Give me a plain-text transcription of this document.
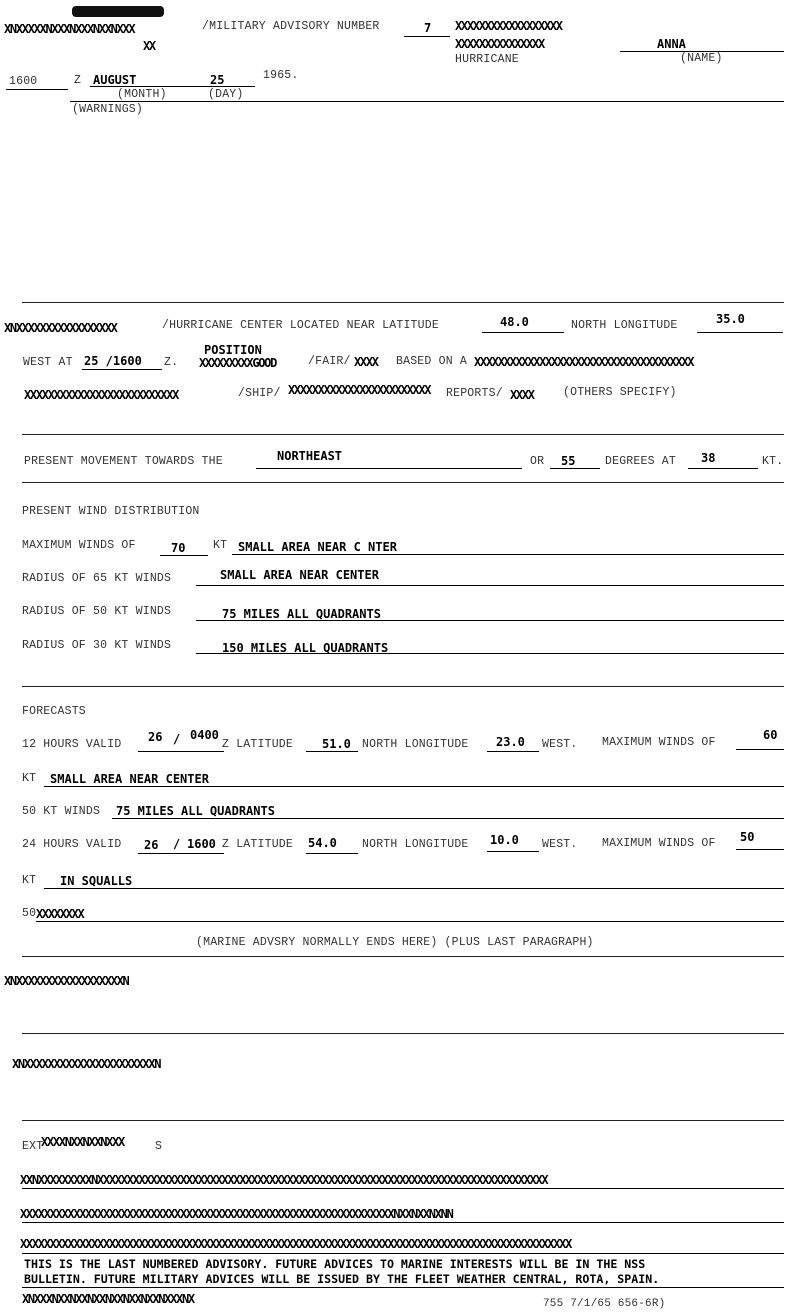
XNXXXXXNXXXNXXXNXXNXXX	/MILITARY ADVISORY NUMBER	7 XXXXXXXXXXXXXXXXXX
XX	XXXXXXXXXXXXXXX	ANNA
HURRICANE	(NAME)
1600	Z AUGUST	25	1965.
(MONTH)	(DAY)
(WARNINGS)
XNXXXXXXXXXXXXXXXXX	/HURRICANE CENTER LOCATED NEAR LATITUDE	48.0	NORTH LONGITUDE	35.0
WEST AT 25 /1600 Z.
POSITION
XXXXXXXXXGOOD	/FAIR/ XXXX BASED ON A XXXXXXXXXXXXXXXXXXXXXXXXXXXXXXXXXXXXX
XXXXXXXXXXXXXXXXXXXXXXXXXX	/SHIP/ XXXXXXXXXXXXXXXXXXXXXXXX REPORTS/ XXXX	(OTHERS SPECIFY)
PRESENT MOVEMENT TOWARDS THE	NORTHEAST	OR 55	DEGREES AT 38	KT.
PRESENT WIND DISTRIBUTION
MAXIMUM WINDS OF	70 KT SMALL AREA NEAR C NTER
RADIUS OF 65 KT WINDS	SMALL AREA NEAR CENTER
RADIUS OF 50 KT WINDS	75 MILES ALL QUADRANTS
RADIUS OF 30 KT WINDS	150 MILES ALL QUADRANTS
FORECASTS
12 HOURS VALID
26 / 0400
Z LATITUDE 51.0 NORTH LONGITUDE 23.0 WEST. MAXIMUM WINDS OF
60
KT SMALL AREA NEAR CENTER
50 KT WINDS 75 MILES ALL QUADRANTS
24 HOURS VALID 26 / 1600 Z LATITUDE 54.0 NORTH LONGITUDE 10.0 WEST. MAXIMUM WINDS OF 50
KT IN SQUALLS
50 XXXXXXXX
(MARINE ADVSRY NORMALLY ENDS HERE) (PLUS LAST PARAGRAPH)
XNXXXXXXXXXXXXXXXXXXN
XNXXXXXXXXXXXXXXXXXXXXXXN
EXT
XXXXNXXNXXNXXX	S
XXNXXXXXXXXXNXXXXXXXXXXXXXXXXXXXXXXXXXXXXXXXXXXXXXXXXXXXXXXXXXXXXXXXXXXXXXXXXXXXXXXXXXXXX
XXXXXXXXXXXXXXXXXXXXXXXXXXXXXXXXXXXXXXXXXXXXXXXXXXXXXXXXXXXXXXXNXXNXXNXNN
XXXXXXXXXXXXXXXXXXXXXXXXXXXXXXXXXXXXXXXXXXXXXXXXXXXXXXXXXXXXXXXXXXXXXXXXXXXXXXXXXXXXXXXXXXXXX
THIS IS THE LAST NUMBERED ADVISORY. FUTURE ADVICES TO MARINE INTERESTS WILL BE IN THE NSS
BULLETIN. FUTURE MILITARY ADVICES WILL BE ISSUED BY THE FLEET WEATHER CENTRAL, ROTA, SPAIN.
XNXXXNXXNXXNXXNXXNXXNXXNXXXNX	755 7/1/65 656-6R)
